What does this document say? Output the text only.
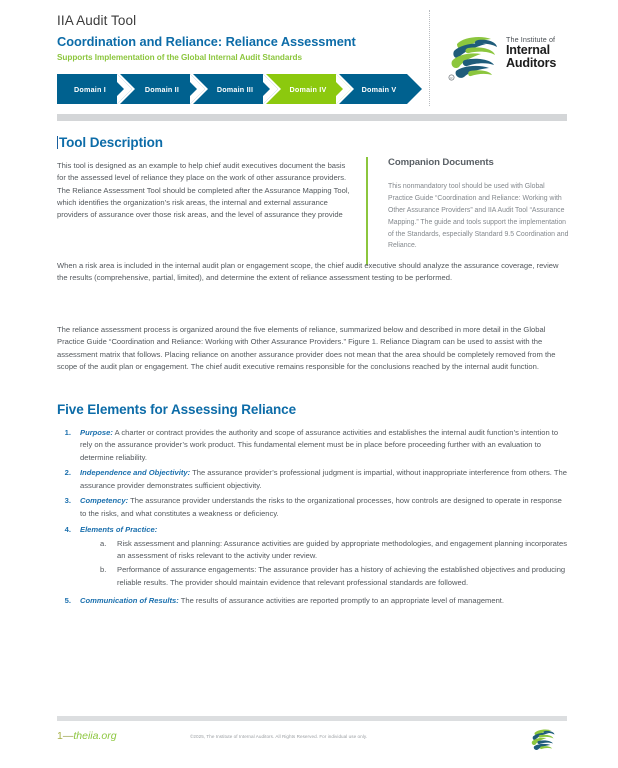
IIA Audit Tool
Coordination and Reliance: Reliance Assessment
Supports Implementation of the Global Internal Audit Standards
Domain I	Domain II	Domain III	Domain IV	Domain V
R
The Institute of
Internal
Auditors
Tool Description

This tool is designed as an example to help chief audit executives document the basis for the assessed level of reliance they place on the work of other assurance providers. The Reliance Assessment Tool should be completed after the Assurance Mapping Tool, which identifies the organization’s risk areas, the internal and external assurance providers of assurance over those risk areas, and the level of assurance they provide

Companion Documents

This nonmandatory tool should be used with Global Practice Guide “Coordination and Reliance: Working with Other Assurance Providers” and IIA Audit Tool “Assurance Mapping.” The guide and tools support the implementation of the Standards, especially Standard 9.5 Coordination and Reliance.

When a risk area is included in the internal audit plan or engagement scope, the chief audit executive should analyze the assurance coverage, review the results (comprehensive, partial, limited), and determine the extent of reliance assessment testing to be performed.

The reliance assessment process is organized around the five elements of reliance, summarized below and described in more detail in the Global Practice Guide “Coordination and Reliance: Working with Other Assurance Providers.” Figure 1. Reliance Diagram can be used to assist with the assessment matrix that follows. Placing reliance on another assurance provider does not mean that the area should be completely removed from the scope of the audit plan or engagement. The chief audit executive remains responsible for the conclusions reached by the internal audit function.

Five Elements for Assessing Reliance
1.	Purpose: A charter or contract provides the authority and scope of assurance activities and establishes the internal audit function’s intention to rely on the assurance provider’s work product. This fundamental element must be in place before proceeding further with an evaluation to determine reliability.
2.	Independence and Objectivity: The assurance provider’s professional judgment is impartial, without inappropriate interference from others. The assurance provider demonstrates sufficient objectivity.
3.	Competency: The assurance provider understands the risks to the organizational processes, how controls are designed to operate in response to the risks, and what constitutes a weakness or deficiency.
4.	Elements of Practice:
a.	Risk assessment and planning: Assurance activities are guided by appropriate methodologies, and engagement planning incorporates an assessment of risks relevant to the activity under review.
b.	Performance of assurance engagements: The assurance provider has a history of achieving the established objectives and producing reliable results. The provider should maintain evidence that relevant professional standards are followed.
5.	Communication of Results: The results of assurance activities are reported promptly to an appropriate level of management.
1—theiia.org	©2025, The Institute of Internal Auditors. All Rights Reserved. For individual use only.
